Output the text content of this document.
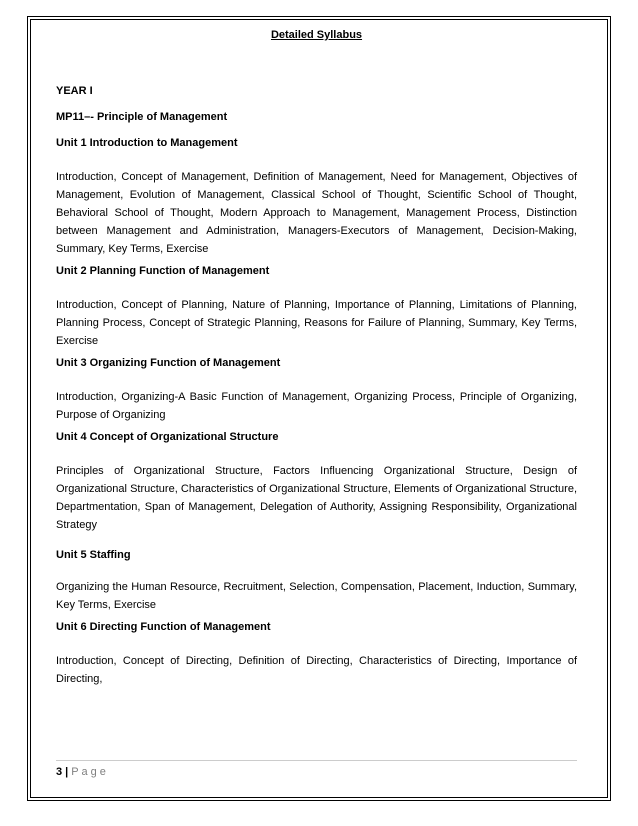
Detailed Syllabus
YEAR I
MP11–- Principle of Management
Unit 1 Introduction to Management
Introduction, Concept of Management, Definition of Management, Need for Management, Objectives of Management, Evolution of Management, Classical School of Thought, Scientific School of Thought, Behavioral School of Thought, Modern Approach to Management, Management Process, Distinction between Management and Administration, Managers-Executors of Management, Decision-Making, Summary, Key Terms, Exercise
Unit 2 Planning Function of Management
Introduction, Concept of Planning, Nature of Planning, Importance of Planning, Limitations of Planning, Planning Process, Concept of Strategic Planning, Reasons for Failure of Planning, Summary, Key Terms, Exercise
Unit 3 Organizing Function of Management
Introduction, Organizing-A Basic Function of Management, Organizing Process, Principle of Organizing, Purpose of Organizing
Unit 4 Concept of Organizational Structure
Principles of Organizational Structure, Factors Influencing Organizational Structure, Design of Organizational Structure, Characteristics of Organizational Structure, Elements of Organizational Structure, Departmentation, Span of Management, Delegation of Authority, Assigning Responsibility, Organizational Strategy
Unit 5 Staffing
Organizing the Human Resource, Recruitment, Selection, Compensation, Placement, Induction, Summary, Key Terms, Exercise
Unit 6 Directing Function of Management
Introduction, Concept of Directing, Definition of Directing, Characteristics of Directing, Importance of Directing,
3 | Page
